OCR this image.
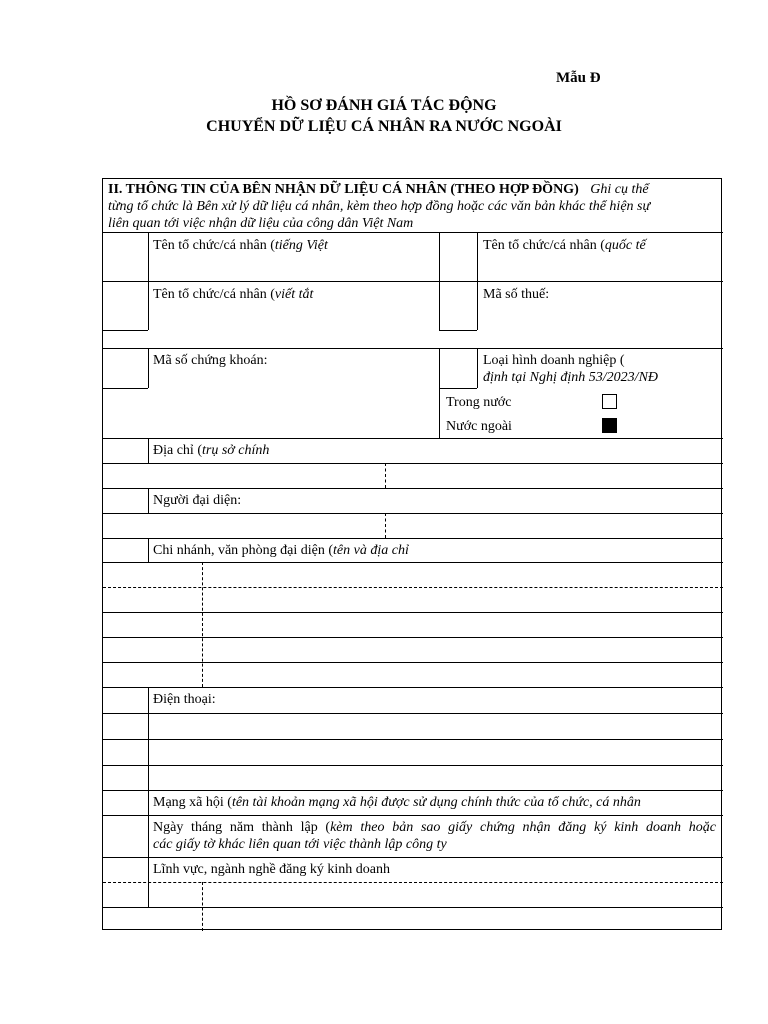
Mẫu Đ
HỒ SƠ ĐÁNH GIÁ TÁC ĐỘNG
CHUYỂN DỮ LIỆU CÁ NHÂN RA NƯỚC NGOÀI
II. THÔNG TIN CỦA BÊN NHẬN DỮ LIỆU CÁ NHÂN (THEO HỢP ĐỒNG) Ghi cụ thể
từng tổ chức là Bên xử lý dữ liệu cá nhân, kèm theo hợp đồng hoặc các văn bản khác thể hiện sự
liên quan tới việc nhận dữ liệu của công dân Việt Nam
Tên tổ chức/cá nhân (tiếng Việt	Tên tổ chức/cá nhân (quốc tế
Tên tổ chức/cá nhân (viết tắt	Mã số thuế:
Mã số chứng khoán:	Loại hình doanh nghiệp (
định tại Nghị định 53/2023/NĐ
Trong nước
Nước ngoài
Địa chỉ (trụ sở chính
Người đại diện:
Chi nhánh, văn phòng đại diện (tên và địa chỉ
Điện thoại:
Mạng xã hội (tên tài khoản mạng xã hội được sử dụng chính thức của tổ chức, cá nhân
Ngày tháng năm thành lập (kèm theo bản sao giấy chứng nhận đăng ký kinh doanh hoặc
các giấy tờ khác liên quan tới việc thành lập công ty
Lĩnh vực, ngành nghề đăng ký kinh doanh
